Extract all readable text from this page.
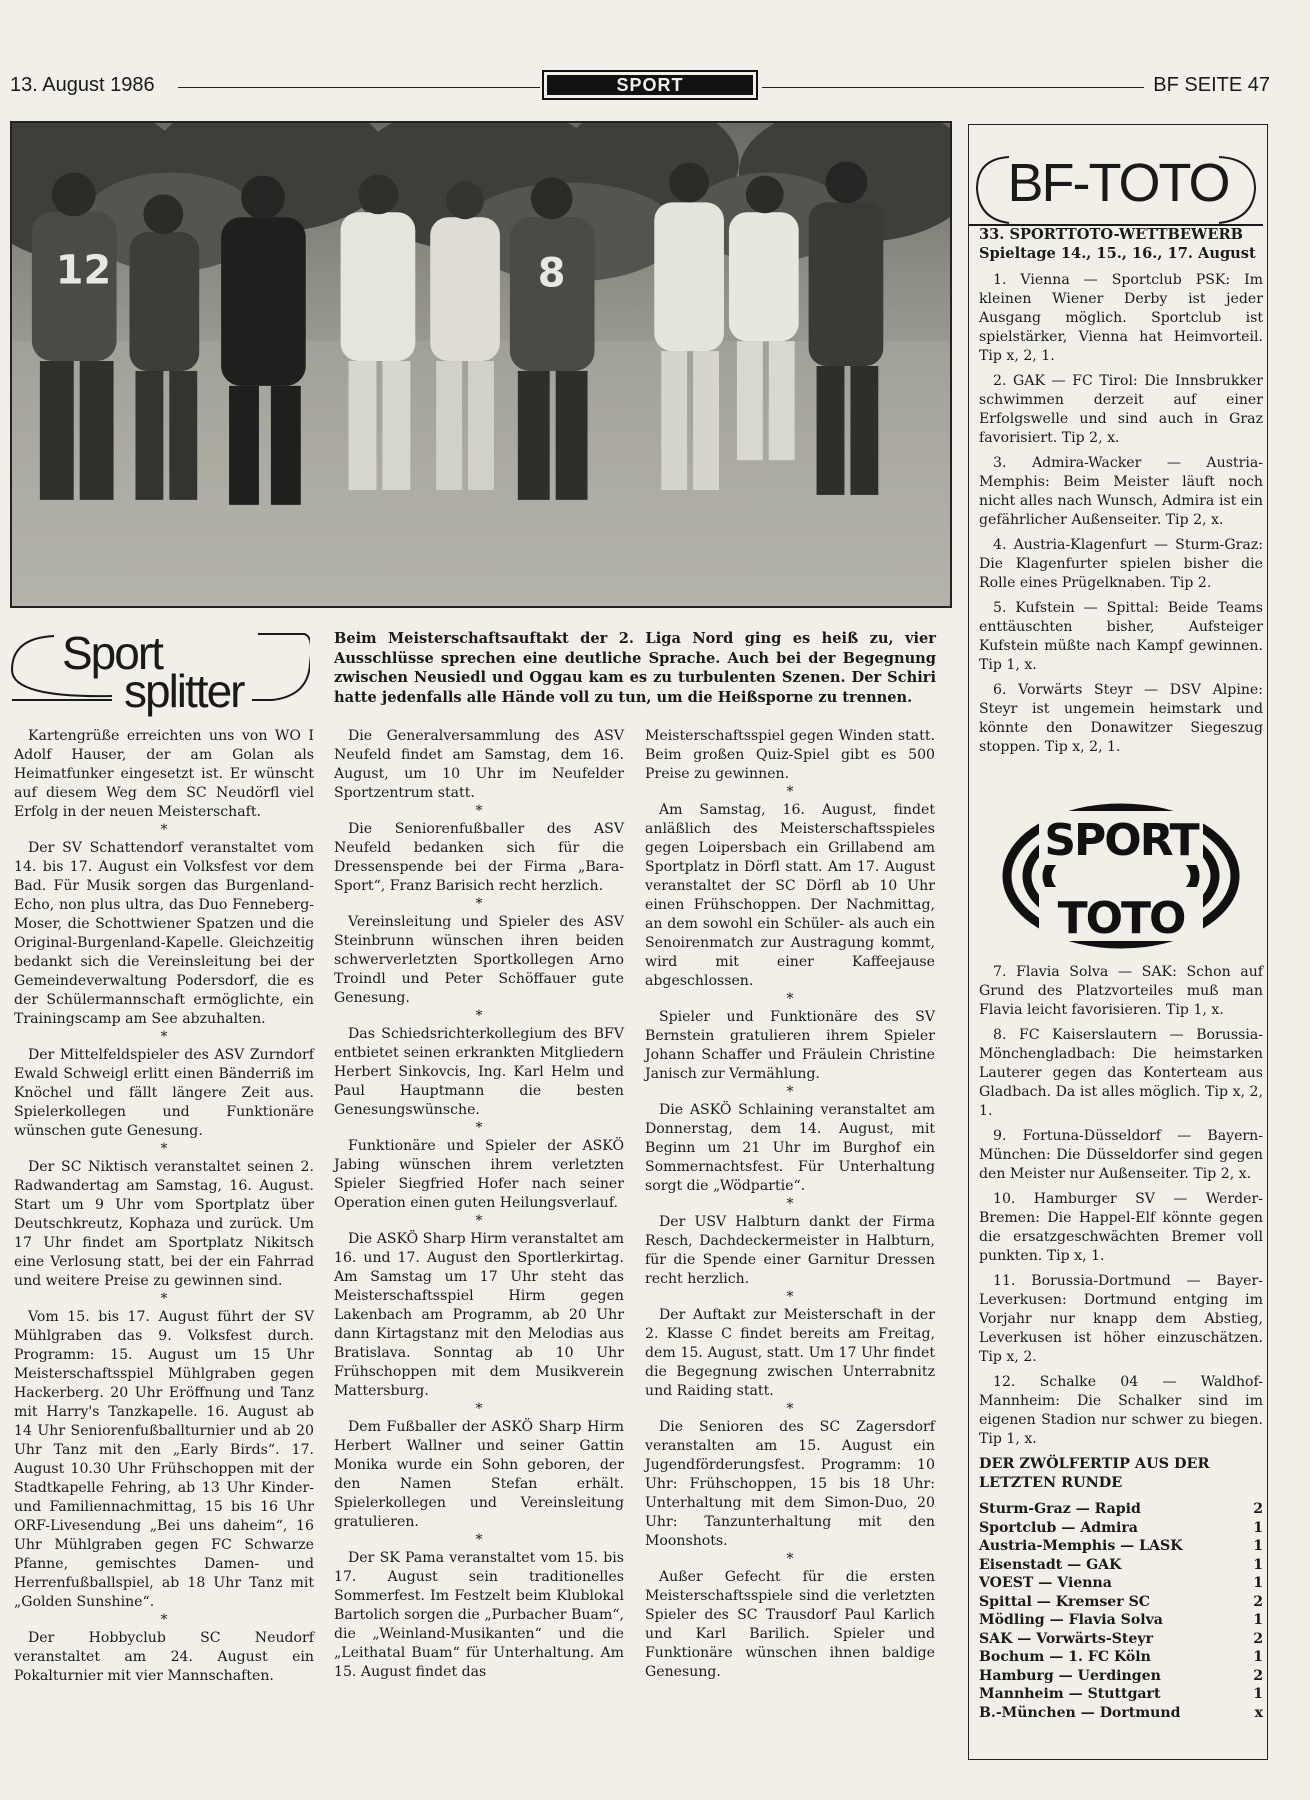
13. August 1986	SPORT	BF SEITE 47
12	8
Beim Meisterschaftsauftakt der 2. Liga Nord ging es heiß zu, vier Ausschlüsse sprechen eine deutliche Sprache. Auch bei der Begegnung zwischen Neusiedl und Oggau kam es zu turbulenten Szenen. Der Schiri hatte jedenfalls alle Hände voll zu tun, um die Heißsporne zu trennen.
Sport
splitter

Kartengrüße erreichten uns von WO I Adolf Hauser, der am Golan als Heimatfunker eingesetzt ist. Er wünscht auf diesem Weg dem SC Neudörfl viel Erfolg in der neuen Meisterschaft.

*

Der SV Schattendorf veranstaltet vom 14. bis 17. August ein Volksfest vor dem Bad. Für Musik sorgen das Burgenland-Echo, non plus ultra, das Duo Fenneberg-Moser, die Schottwiener Spatzen und die Original-Burgenland-Kapelle. Gleichzeitig bedankt sich die Vereinsleitung bei der Gemeindeverwaltung Podersdorf, die es der Schülermannschaft ermöglichte, ein Trainingscamp am See abzuhalten.

*

Der Mittelfeldspieler des ASV Zurndorf Ewald Schweigl erlitt einen Bänderriß im Knöchel und fällt längere Zeit aus. Spielerkollegen und Funktionäre wünschen gute Genesung.

*

Der SC Niktisch veranstaltet seinen 2. Radwandertag am Samstag, 16. August. Start um 9 Uhr vom Sportplatz über Deutschkreutz, Kophaza und zurück. Um 17 Uhr findet am Sportplatz Nikitsch eine Verlosung statt, bei der ein Fahrrad und weitere Preise zu gewinnen sind.

*

Vom 15. bis 17. August führt der SV Mühlgraben das 9. Volksfest durch. Programm: 15. August um 15 Uhr Meisterschaftsspiel Mühlgraben gegen Hackerberg. 20 Uhr Eröffnung und Tanz mit Harry's Tanzkapelle. 16. August ab 14 Uhr Seniorenfußballturnier und ab 20 Uhr Tanz mit den „Early Birds“. 17. August 10.30 Uhr Frühschoppen mit der Stadtkapelle Fehring, ab 13 Uhr Kinder- und Familiennachmittag, 15 bis 16 Uhr ORF-Livesendung „Bei uns daheim“, 16 Uhr Mühlgraben gegen FC Schwarze Pfanne, gemischtes Damen- und Herrenfußballspiel, ab 18 Uhr Tanz mit „Golden Sunshine“.

*

Der Hobbyclub SC Neudorf veranstaltet am 24. August ein Pokalturnier mit vier Mannschaften.

Die Generalversammlung des ASV Neufeld findet am Samstag, dem 16. August, um 10 Uhr im Neufelder Sportzentrum statt.

*

Die Seniorenfußballer des ASV Neufeld bedanken sich für die Dressenspende bei der Firma „Bara-Sport“, Franz Barisich recht herzlich.

*

Vereinsleitung und Spieler des ASV Steinbrunn wünschen ihren beiden schwerverletzten Sportkollegen Arno Troindl und Peter Schöffauer gute Genesung.

*

Das Schiedsrichterkollegium des BFV entbietet seinen erkrankten Mitgliedern Herbert Sinkovcis, Ing. Karl Helm und Paul Hauptmann die besten Genesungswünsche.

*

Funktionäre und Spieler der ASKÖ Jabing wünschen ihrem verletzten Spieler Siegfried Hofer nach seiner Operation einen guten Heilungsverlauf.

*

Die ASKÖ Sharp Hirm veranstaltet am 16. und 17. August den Sportlerkirtag. Am Samstag um 17 Uhr steht das Meisterschaftsspiel Hirm gegen Lakenbach am Programm, ab 20 Uhr dann Kirtagstanz mit den Melodias aus Bratislava. Sonntag ab 10 Uhr Frühschoppen mit dem Musikverein Mattersburg.

*

Dem Fußballer der ASKÖ Sharp Hirm Herbert Wallner und seiner Gattin Monika wurde ein Sohn geboren, der den Namen Stefan erhält. Spielerkollegen und Vereinsleitung gratulieren.

*

Der SK Pama veranstaltet vom 15. bis 17. August sein traditionelles Sommerfest. Im Festzelt beim Klublokal Bartolich sorgen die „Purbacher Buam“, die „Weinland-Musikanten“ und die „Leithatal Buam“ für Unterhaltung. Am 15. August findet das

Meisterschaftsspiel gegen Winden statt. Beim großen Quiz-Spiel gibt es 500 Preise zu gewinnen.

*

Am Samstag, 16. August, findet anläßlich des Meisterschaftsspieles gegen Loipersbach ein Grillabend am Sportplatz in Dörfl statt. Am 17. August veranstaltet der SC Dörfl ab 10 Uhr einen Frühschoppen. Der Nachmittag, an dem sowohl ein Schüler- als auch ein Senoirenmatch zur Austragung kommt, wird mit einer Kaffeejause abgeschlossen.

*

Spieler und Funktionäre des SV Bernstein gratulieren ihrem Spieler Johann Schaffer und Fräulein Christine Janisch zur Vermählung.

*

Die ASKÖ Schlaining veranstaltet am Donnerstag, dem 14. August, mit Beginn um 21 Uhr im Burghof ein Sommernachtsfest. Für Unterhaltung sorgt die „Wödpartie“.

*

Der USV Halbturn dankt der Firma Resch, Dachdeckermeister in Halbturn, für die Spende einer Garnitur Dressen recht herzlich.

*

Der Auftakt zur Meisterschaft in der 2. Klasse C findet bereits am Freitag, dem 15. August, statt. Um 17 Uhr findet die Begegnung zwischen Unterrabnitz und Raiding statt.

*

Die Senioren des SC Zagersdorf veranstalten am 15. August ein Jugendförderungsfest. Programm: 10 Uhr: Frühschoppen, 15 bis 18 Uhr: Unterhaltung mit dem Simon-Duo, 20 Uhr: Tanzunterhaltung mit den Moonshots.

*

Außer Gefecht für die ersten Meisterschaftsspiele sind die verletzten Spieler des SC Trausdorf Paul Karlich und Karl Barilich. Spieler und Funktionäre wünschen ihnen baldige Genesung.

BF-TOTO

33. SPORTTOTO-WETTBEWERB Spieltage 14., 15., 16., 17. August

1. Vienna — Sportclub PSK: Im kleinen Wiener Derby ist jeder Ausgang möglich. Sportclub ist spielstärker, Vienna hat Heimvorteil. Tip x, 2, 1.

2. GAK — FC Tirol: Die Innsbrukker schwimmen derzeit auf einer Erfolgswelle und sind auch in Graz favorisiert. Tip 2, x.

3. Admira-Wacker — Austria-Memphis: Beim Meister läuft noch nicht alles nach Wunsch, Admira ist ein gefährlicher Außenseiter. Tip 2, x.

4. Austria-Klagenfurt — Sturm-Graz: Die Klagenfurter spielen bisher die Rolle eines Prügelknaben. Tip 2.

5. Kufstein — Spittal: Beide Teams enttäuschten bisher, Aufsteiger Kufstein müßte nach Kampf gewinnen. Tip 1, x.

6. Vorwärts Steyr — DSV Alpine: Steyr ist ungemein heimstark und könnte den Donawitzer Siegeszug stoppen. Tip x, 2, 1.

SPORT
TOTO

7. Flavia Solva — SAK: Schon auf Grund des Platzvorteiles muß man Flavia leicht favorisieren. Tip 1, x.

8. FC Kaiserslautern — Borussia-Mönchengladbach: Die heimstarken Lauterer gegen das Konterteam aus Gladbach. Da ist alles möglich. Tip x, 2, 1.

9. Fortuna-Düsseldorf — Bayern-München: Die Düsseldorfer sind gegen den Meister nur Außenseiter. Tip 2, x.

10. Hamburger SV — Werder-Bremen: Die Happel-Elf könnte gegen die ersatzgeschwächten Bremer voll punkten. Tip x, 1.

11. Borussia-Dortmund — Bayer-Leverkusen: Dortmund entging im Vorjahr nur knapp dem Abstieg, Leverkusen ist höher einzuschätzen. Tip x, 2.

12. Schalke 04 — Waldhof-Mannheim: Die Schalker sind im eigenen Stadion nur schwer zu biegen. Tip 1, x.

DER ZWÖLFERTIP AUS DER LETZTEN RUNDE
Sturm-Graz — Rapid	2
Sportclub — Admira	1
Austria-Memphis — LASK	1
Eisenstadt — GAK	1
VOEST — Vienna	1
Spittal — Kremser SC	2
Mödling — Flavia Solva	1
SAK — Vorwärts-Steyr	2
Bochum — 1. FC Köln	1
Hamburg — Uerdingen	2
Mannheim — Stuttgart	1
B.-München — Dortmund	x
